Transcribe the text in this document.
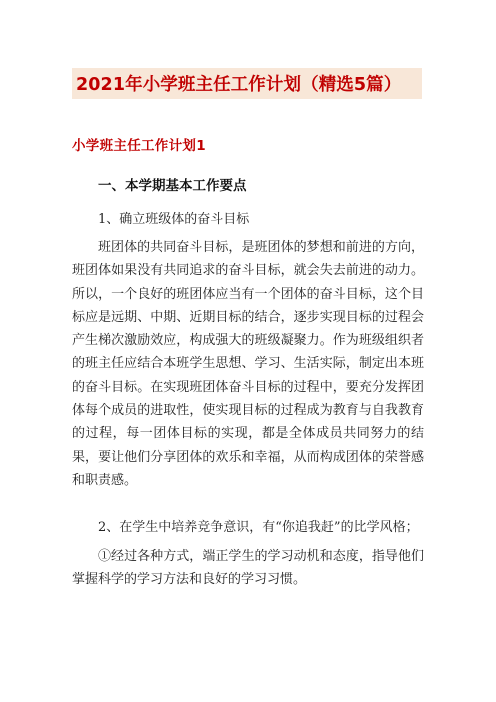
2021年小学班主任工作计划（精选5篇）
小学班主任工作计划1
一、本学期基本工作要点
1、确立班级体的奋斗目标

班团体的共同奋斗目标，是班团体的梦想和前进的方向，班团体如果没有共同追求的奋斗目标，就会失去前进的动力。所以，一个良好的班团体应当有一个团体的奋斗目标，这个目标应是远期、中期、近期目标的结合，逐步实现目标的过程会产生梯次激励效应，构成强大的班级凝聚力。作为班级组织者的班主任应结合本班学生思想、学习、生活实际，制定出本班的奋斗目标。在实现班团体奋斗目标的过程中，要充分发挥团体每个成员的进取性，使实现目标的过程成为教育与自我教育的过程，每一团体目标的实现，都是全体成员共同努力的结果，要让他们分享团体的欢乐和幸福，从而构成团体的荣誉感和职责感。

2、在学生中培养竞争意识，有“你追我赶”的比学风格；

①经过各种方式，端正学生的学习动机和态度，指导他们掌握科学的学习方法和良好的学习习惯。
